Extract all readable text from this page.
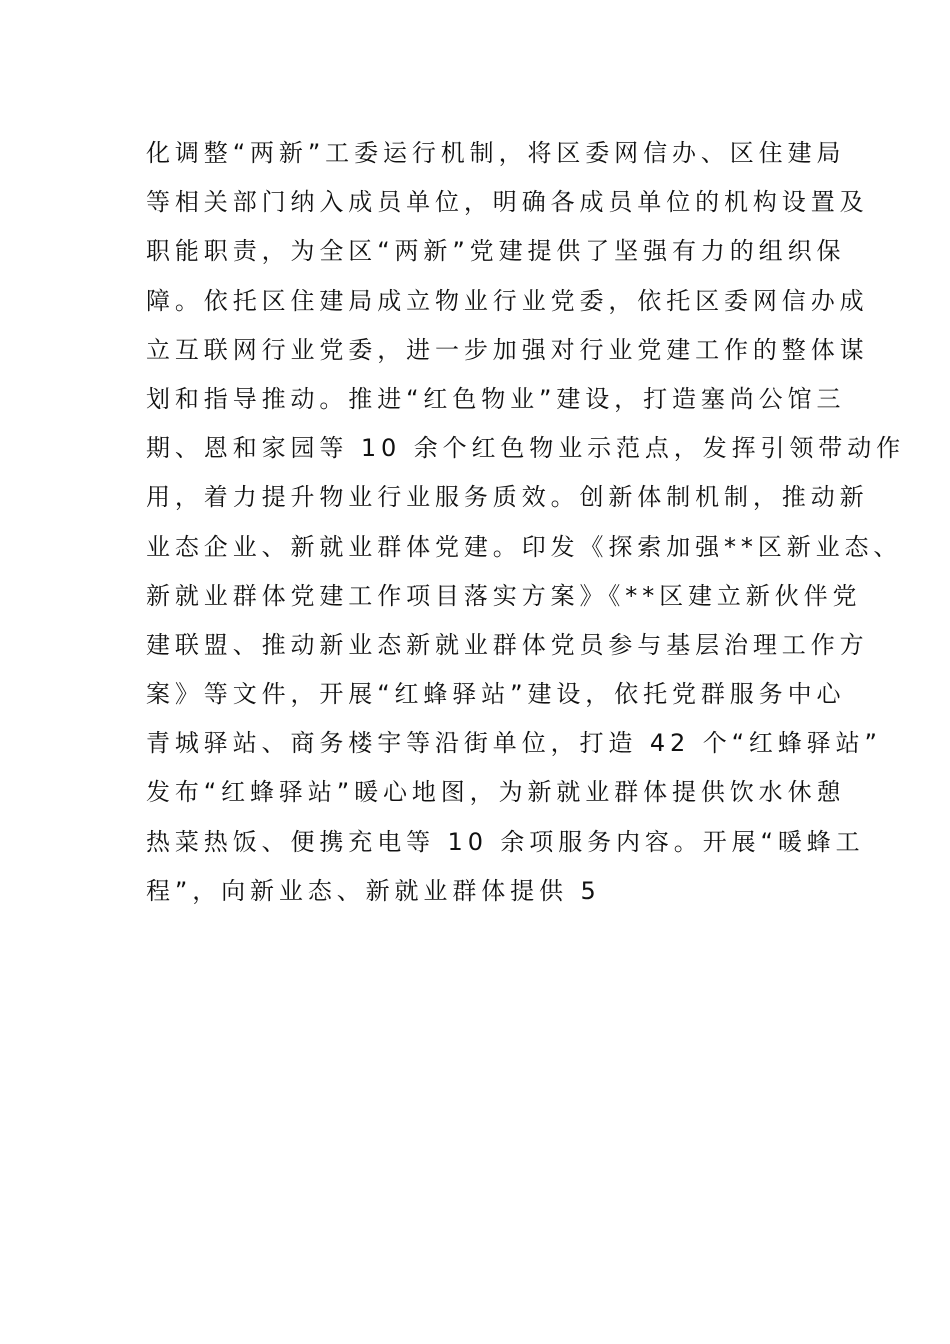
化调整“两新”工委运行机制，将区委网信办、区住建局
等相关部门纳入成员单位，明确各成员单位的机构设置及
职能职责，为全区“两新”党建提供了坚强有力的组织保
障。依托区住建局成立物业行业党委，依托区委网信办成
立互联网行业党委，进一步加强对行业党建工作的整体谋
划和指导推动。推进“红色物业”建设，打造塞尚公馆三
期、恩和家园等 10 余个红色物业示范点，发挥引领带动作
用，着力提升物业行业服务质效。创新体制机制，推动新
业态企业、新就业群体党建。印发《探索加强**区新业态、
新就业群体党建工作项目落实方案》《**区建立新伙伴党
建联盟、推动新业态新就业群体党员参与基层治理工作方
案》等文件，开展“红蜂驿站”建设，依托党群服务中心
青城驿站、商务楼宇等沿街单位，打造 42 个“红蜂驿站”
发布“红蜂驿站”暖心地图，为新就业群体提供饮水休憩
热菜热饭、便携充电等 10 余项服务内容。开展“暖蜂工
程”，向新业态、新就业群体提供 5
